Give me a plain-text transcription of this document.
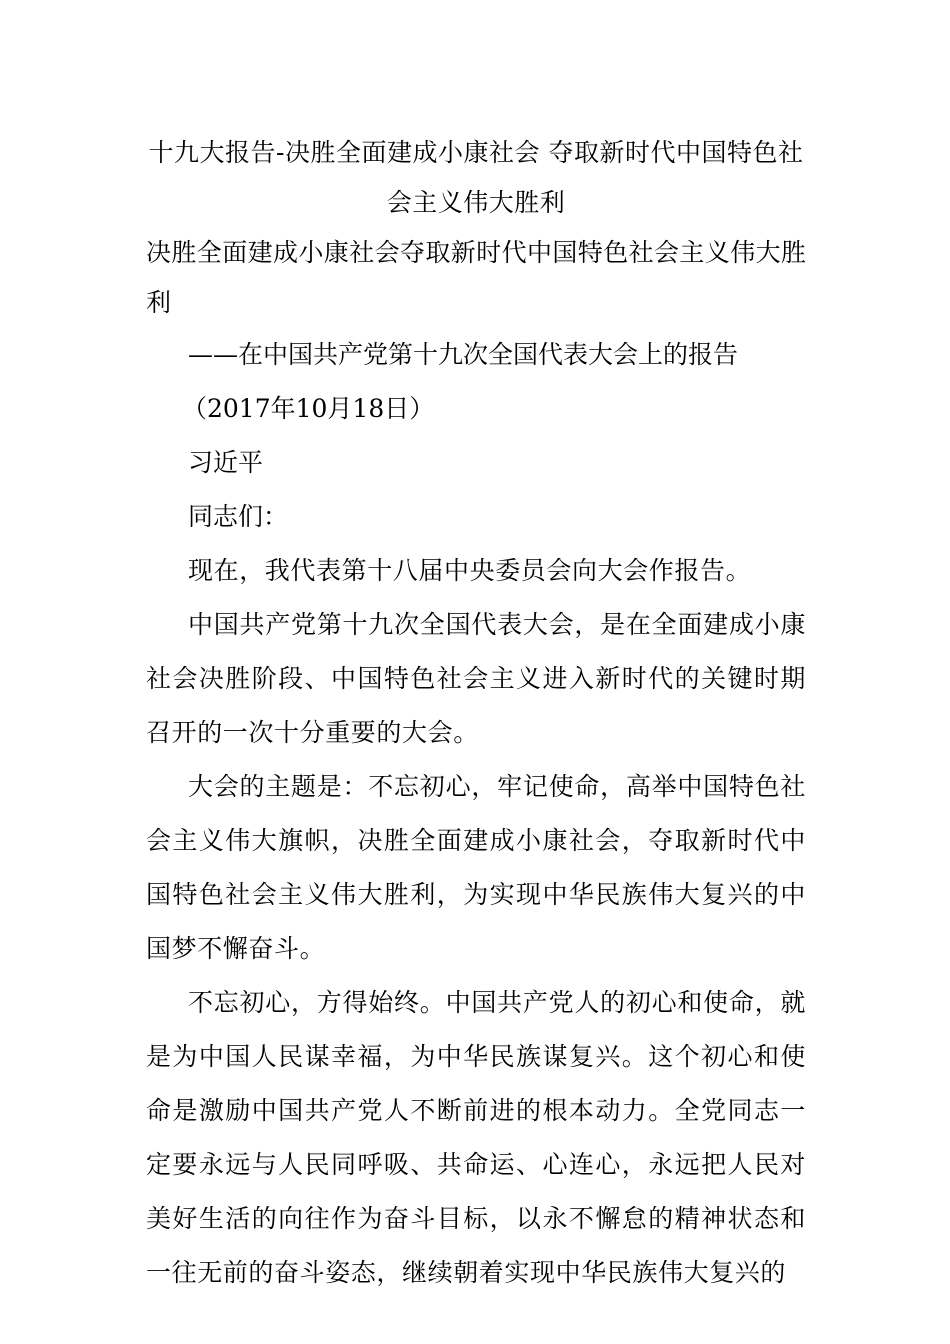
十九大报告-决胜全面建成小康社会 夺取新时代中国特色社会主义伟大胜利

决胜全面建成小康社会夺取新时代中国特色社会主义伟大胜利

——在中国共产党第十九次全国代表大会上的报告

（2017年10月18日）

习近平

同志们：

现在，我代表第十八届中央委员会向大会作报告。

中国共产党第十九次全国代表大会，是在全面建成小康社会决胜阶段、中国特色社会主义进入新时代的关键时期召开的一次十分重要的大会。

大会的主题是：不忘初心，牢记使命，高举中国特色社会主义伟大旗帜，决胜全面建成小康社会，夺取新时代中国特色社会主义伟大胜利，为实现中华民族伟大复兴的中国梦不懈奋斗。

不忘初心，方得始终。中国共产党人的初心和使命，就是为中国人民谋幸福，为中华民族谋复兴。这个初心和使命是激励中国共产党人不断前进的根本动力。全党同志一定要永远与人民同呼吸、共命运、心连心，永远把人民对美好生活的向往作为奋斗目标，以永不懈怠的精神状态和一往无前的奋斗姿态，继续朝着实现中华民族伟大复兴的
